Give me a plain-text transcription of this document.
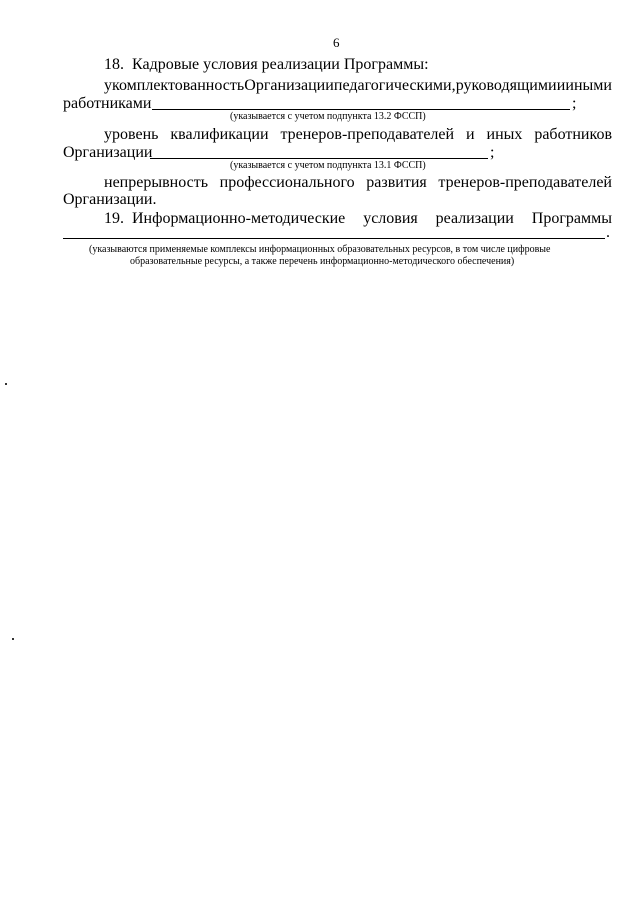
6
18.  Кадровые условия реализации Программы:
укомплектованность Организации педагогическими, руководящими и иными
работниками	;
(указывается с учетом подпункта 13.2 ФССП)
уровень квалификации тренеров-преподавателей и иных работников
Организации	;
(указывается с учетом подпункта 13.1 ФССП)
непрерывность профессионального развития тренеров-преподавателей
Организации.
19.  Информационно-методические условия реализации Программы
.
(указываются применяемые комплексы информационных образовательных ресурсов, в том числе цифровые
образовательные ресурсы, а также перечень информационно-методического обеспечения)
